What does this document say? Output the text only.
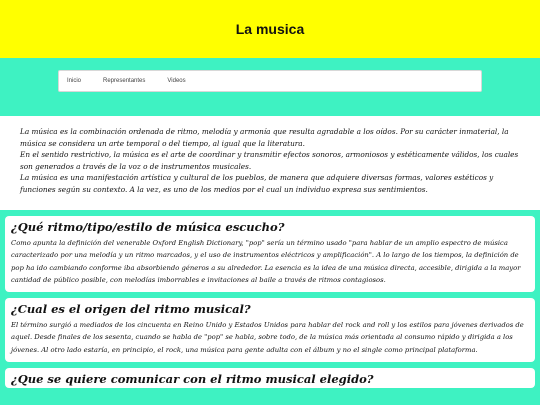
La musica
Inicio	Representantes	Videos

La música es la combinación ordenada de ritmo, melodía y armonía que resulta agradable a los oídos. Por su carácter inmaterial, la música se considera un arte temporal o del tiempo, al igual que la literatura.

En el sentido restrictivo, la música es el arte de coordinar y transmitir efectos sonoros, armoniosos y estéticamente válidos, los cuales son generados a través de la voz o de instrumentos musicales.

La música es una manifestación artística y cultural de los pueblos, de manera que adquiere diversas formas, valores estéticos y funciones según su contexto. A la vez, es uno de los medios por el cual un individuo expresa sus sentimientos.

¿Qué ritmo/tipo/estilo de música escucho?

Como apunta la definición del venerable Oxford English Dictionary, "pop" sería un término usado "para hablar de un amplio espectro de música caracterizado por una melodía y un ritmo marcados, y el uso de instrumentos eléctricos y amplificación". A lo largo de los tiempos, la definición de pop ha ido cambiando conforme iba absorbiendo géneros a su alrededor. La esencia es la idea de una música directa, accesible, dirigida a la mayor cantidad de público posible, con melodías imborrables e invitaciones al baile a través de ritmos contagiosos.

¿Cual es el origen del ritmo musical?

El término surgió a mediados de los cincuenta en Reino Unido y Estados Unidos para hablar del rock and roll y los estilos para jóvenes derivados de aquel. Desde finales de los sesenta, cuando se habla de "pop" se habla, sobre todo, de la música más orientada al consumo rápido y dirigida a los jóvenes. Al otro lado estaría, en principio, el rock, una música para gente adulta con el álbum y no el single como principal plataforma.

¿Que se quiere comunicar con el ritmo musical elegido?
